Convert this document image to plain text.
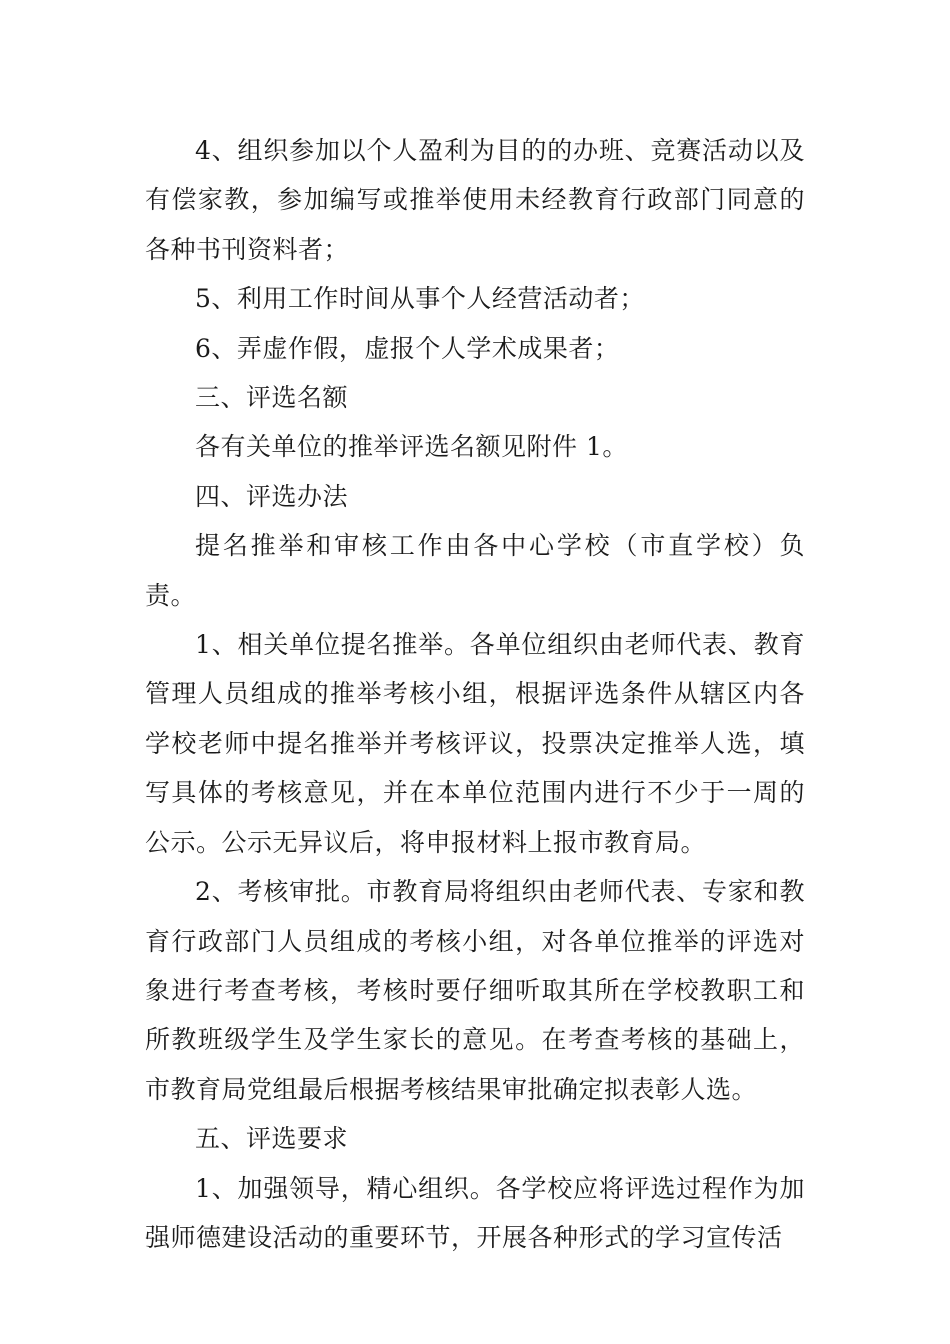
4、组织参加以个人盈利为目的的办班、竞赛活动以及有偿家教，参加编写或推举使用未经教育行政部门同意的各种书刊资料者；

5、利用工作时间从事个人经营活动者；

6、弄虚作假，虚报个人学术成果者；

三、评选名额

各有关单位的推举评选名额见附件 1。

四、评选办法

提名推举和审核工作由各中心学校（市直学校）负责。

1、相关单位提名推举。各单位组织由老师代表、教育管理人员组成的推举考核小组，根据评选条件从辖区内各学校老师中提名推举并考核评议，投票决定推举人选，填写具体的考核意见，并在本单位范围内进行不少于一周的公示。公示无异议后，将申报材料上报市教育局。

2、考核审批。市教育局将组织由老师代表、专家和教育行政部门人员组成的考核小组，对各单位推举的评选对象进行考查考核，考核时要仔细听取其所在学校教职工和所教班级学生及学生家长的意见。在考查考核的基础上，市教育局党组最后根据考核结果审批确定拟表彰人选。

五、评选要求

1、加强领导，精心组织。各学校应将评选过程作为加强师德建设活动的重要环节，开展各种形式的学习宣传活
